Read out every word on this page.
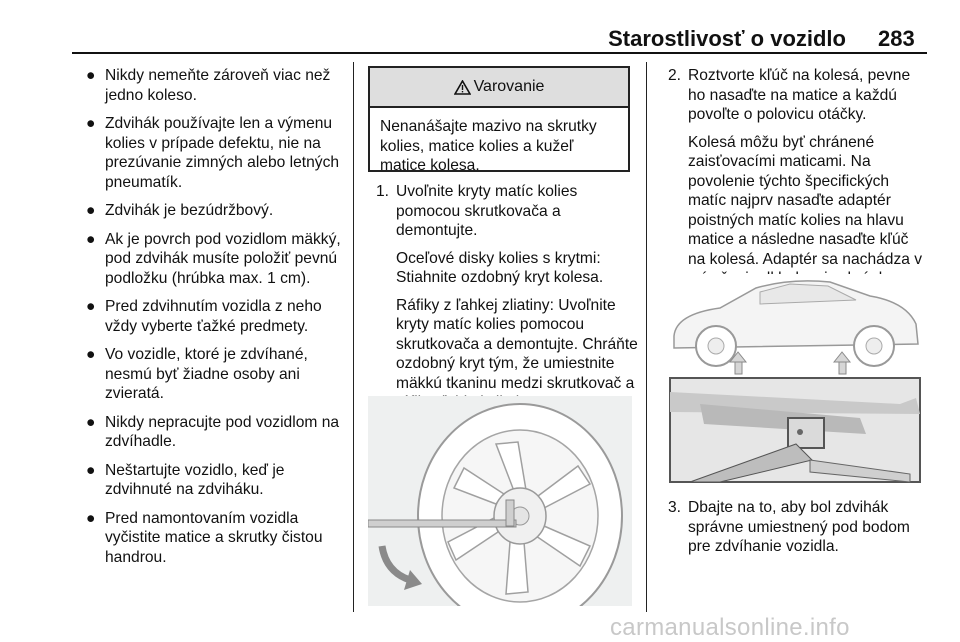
Starostlivosť o vozidlo 283
● Nikdy nemeňte zároveň viac než jedno koleso.
● Zdvihák používajte len a výmenu kolies v prípade defektu, nie na prezúvanie zimných alebo letných pneumatík.
● Zdvihák je bezúdržbový.
● Ak je povrch pod vozidlom mäkký, pod zdvihák musíte položiť pevnú podložku (hrúbka max. 1 cm).
● Pred zdvihnutím vozidla z neho vždy vyberte ťažké predmety.
● Vo vozidle, ktoré je zdvíhané, nesmú byť žiadne osoby ani zvieratá.
● Nikdy nepracujte pod vozidlom na zdvíhadle.
● Neštartujte vozidlo, keď je zdvihnuté na zdviháku.
● Pred namontovaním vozidla vyčistite matice a skrutky čistou handrou.
Varovanie
Nenanášajte mazivo na skrutky kolies, matice kolies a kužeľ matice kolesa.
1. Uvoľnite kryty matíc kolies pomocou skrutkovača a demontujte.
Oceľové disky kolies s krytmi: Stiahnite ozdobný kryt kolesa.
Ráfiky z ľahkej zliatiny: Uvoľnite kryty matíc kolies pomocou skrutkovača a demontujte. Chráňte ozdobný kryt tým, že umiestnite mäkkú tkaninu medzi skrutkovač a
2. Roztvorte kľúč na kolesá, pevne ho nasaďte na matice a každú povoľte o polovicu otáčky.
Kolesá môžu byť chránené zaisťovacími maticami. Na povolenie týchto špecifických matíc najprv nasaďte adaptér poistných matíc kolies na hlavu matice a následne nasaďte kľúč na kolesá. Adaptér sa nachádza v
3. Dbajte na to, aby bol zdvihák správne umiestnený pod bodom pre zdvíhanie vozidla.
carmanualsonline.info
